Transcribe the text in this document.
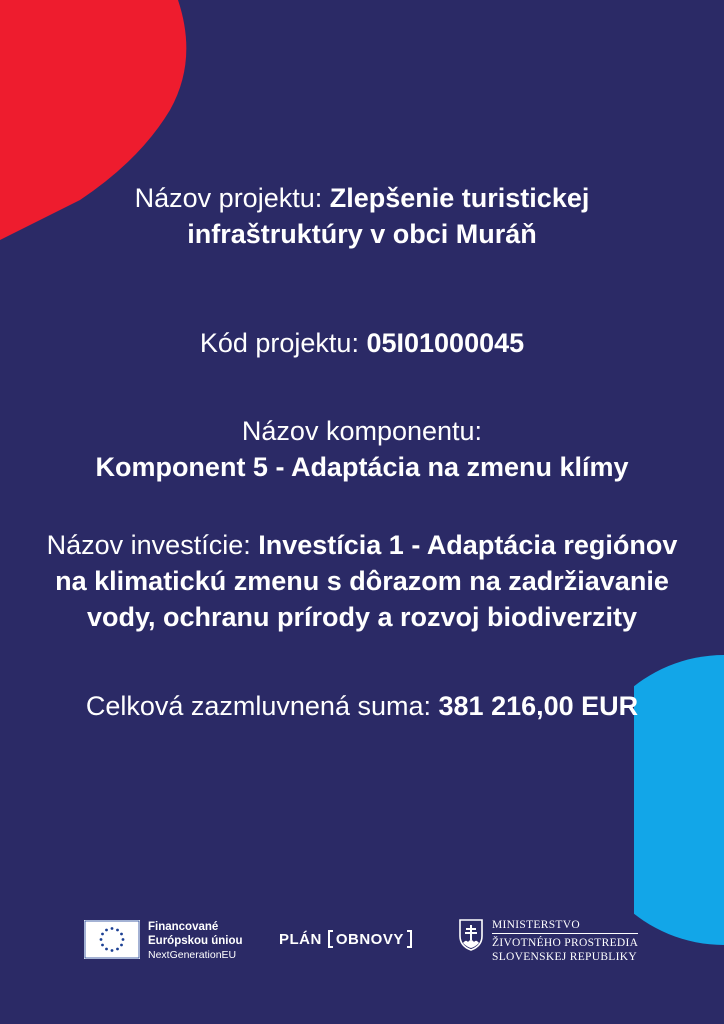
Názov projektu: Zlepšenie turistickej
infraštruktúry v obci Muráň
Kód projektu: 05I01000045
Názov komponentu:
Komponent 5 - Adaptácia na zmenu klímy
Názov investície: Investícia 1 - Adaptácia regiónov
na klimatickú zmenu s dôrazom na zadržiavanie
vody, ochranu prírody a rozvoj biodiverzity
Celková zazmluvnená suma: 381 216,00 EUR
Financované
Európskou úniou
NextGenerationEU
PLÁN OBNOVY
MINISTERSTVO
ŽIVOTNÉHO PROSTREDIA
SLOVENSKEJ REPUBLIKY
